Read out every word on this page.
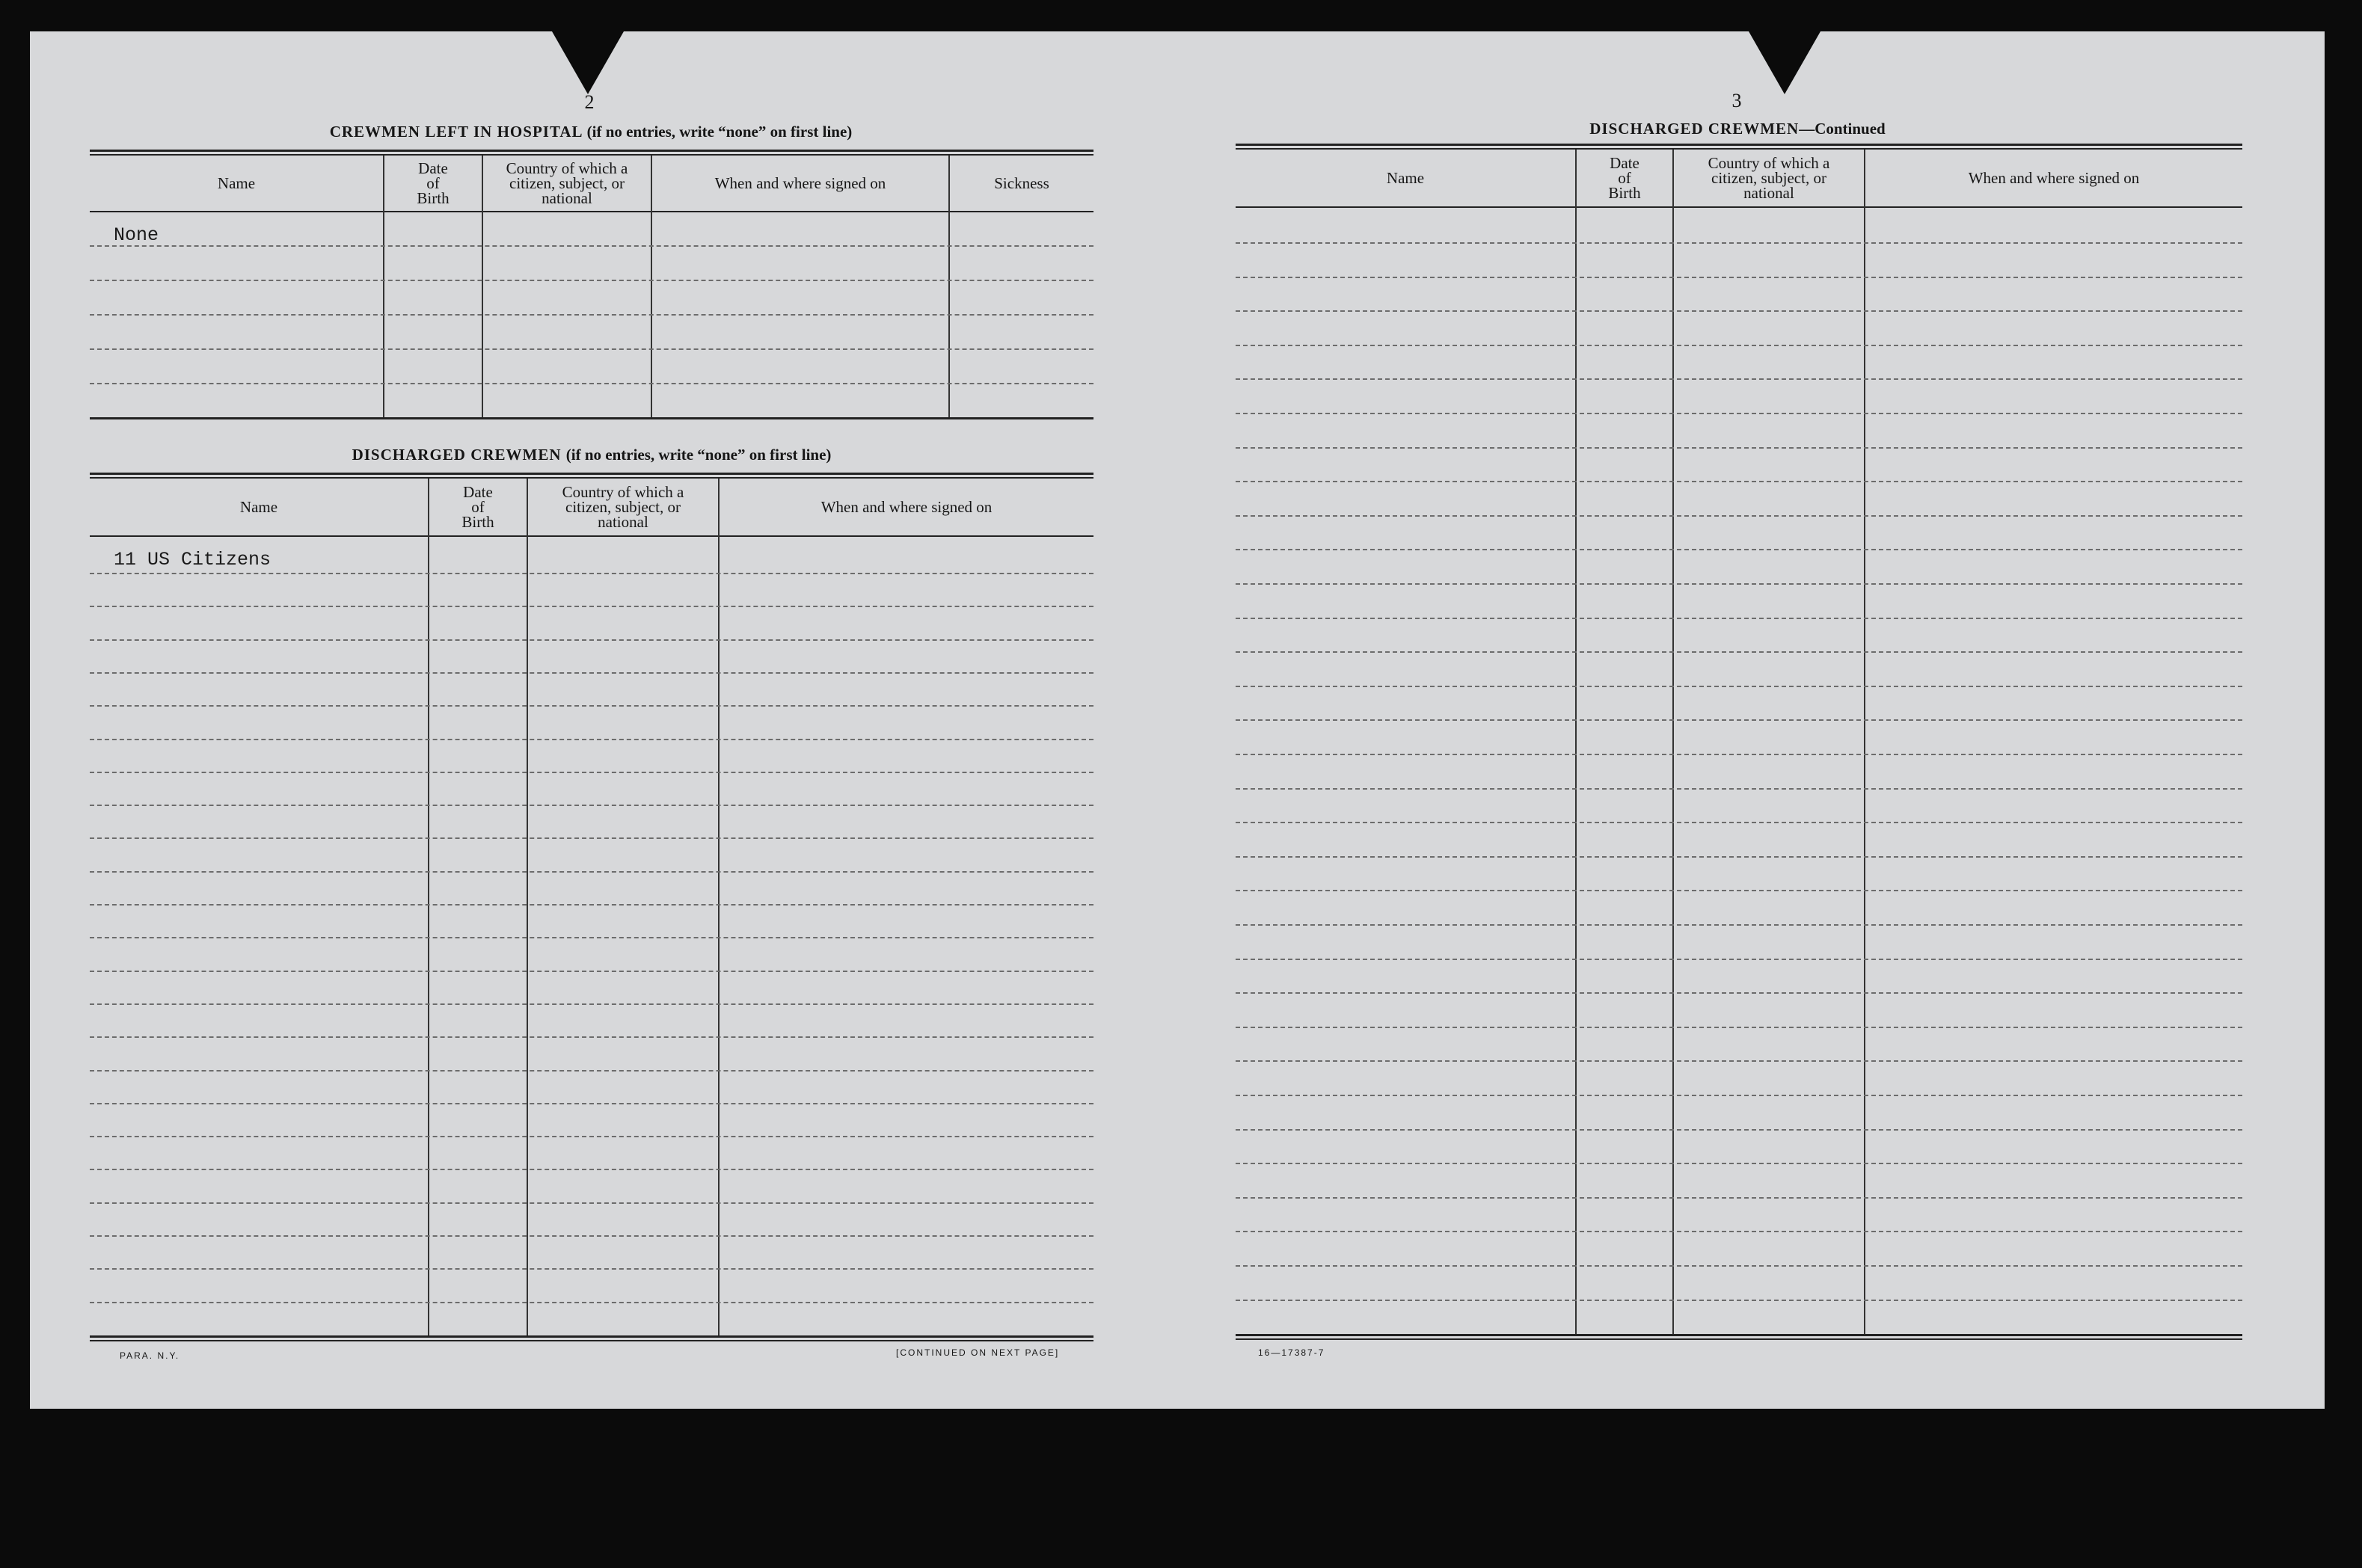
2
CREWMEN LEFT IN HOSPITAL (if no entries, write “none” on first line)
Name
Date
of
Birth
Country of which a
citizen, subject, or
national
When and where signed on	Sickness
None
DISCHARGED CREWMEN (if no entries, write “none” on first line)
Name
Date
of
Birth
Country of which a
citizen, subject, or
national
When and where signed on
11 US Citizens
PARA. N.Y.	[CONTINUED ON NEXT PAGE]
3
DISCHARGED CREWMEN—Continued
Name
Date
of
Birth
Country of which a
citizen, subject, or
national
When and where signed on
16—17387-7
